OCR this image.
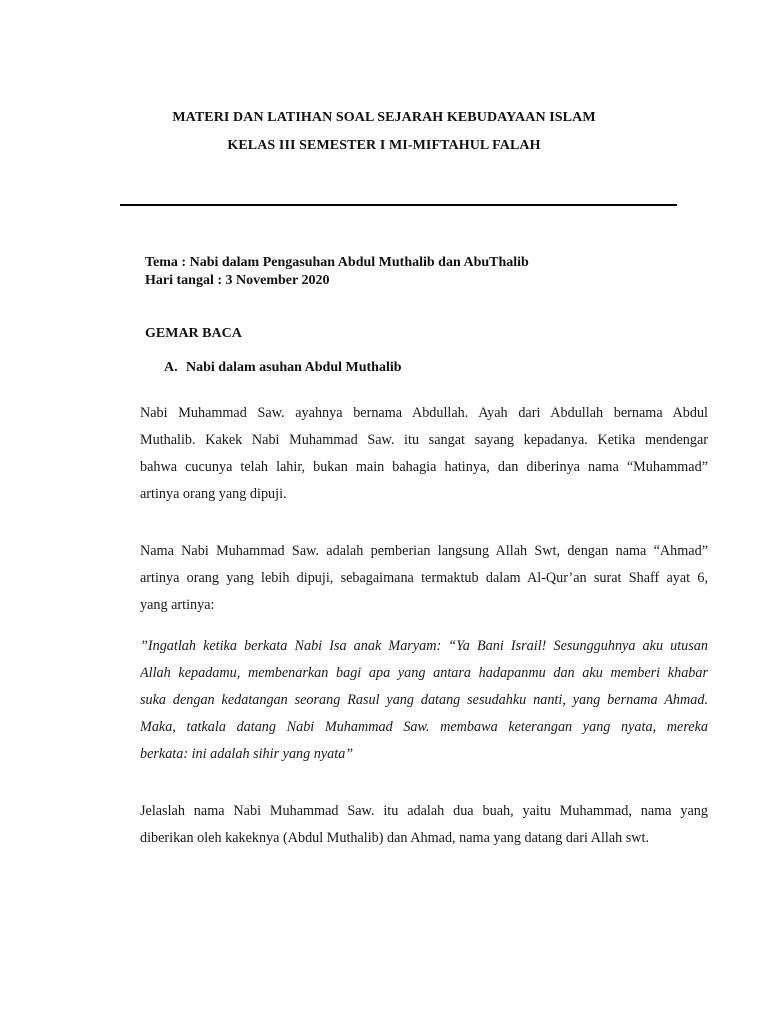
MATERI DAN LATIHAN SOAL SEJARAH KEBUDAYAAN ISLAM
KELAS III SEMESTER I MI-MIFTAHUL FALAH
Tema : Nabi dalam Pengasuhan Abdul Muthalib dan AbuThalib
Hari tangal : 3 November 2020
GEMAR BACA
A. Nabi dalam asuhan Abdul Muthalib
Nabi Muhammad Saw. ayahnya bernama Abdullah. Ayah dari Abdullah bernama Abdul
Muthalib. Kakek Nabi Muhammad Saw. itu sangat sayang kepadanya. Ketika mendengar
bahwa cucunya telah lahir, bukan main bahagia hatinya, dan diberinya nama “Muhammad”
artinya orang yang dipuji.
Nama Nabi Muhammad Saw. adalah pemberian langsung Allah Swt, dengan nama “Ahmad”
artinya orang yang lebih dipuji, sebagaimana termaktub dalam Al-Qur’an surat Shaff ayat 6,
yang artinya:
”Ingatlah ketika berkata Nabi Isa anak Maryam: “Ya Bani Israil! Sesungguhnya aku utusan
Allah kepadamu, membenarkan bagi apa yang antara hadapanmu dan aku memberi khabar
suka dengan kedatangan seorang Rasul yang datang sesudahku nanti, yang bernama Ahmad.
Maka, tatkala datang Nabi Muhammad Saw. membawa keterangan yang nyata, mereka
berkata: ini adalah sihir yang nyata”
Jelaslah nama Nabi Muhammad Saw. itu adalah dua buah, yaitu Muhammad, nama yang
diberikan oleh kakeknya (Abdul Muthalib) dan Ahmad, nama yang datang dari Allah swt.
